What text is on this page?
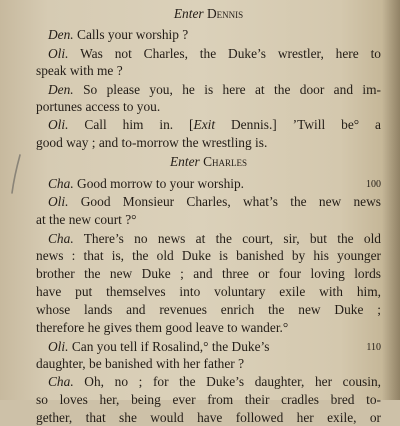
Enter Dennis
Den. Calls your worship ?
Oli. Was not Charles, the Duke’s wrestler, here to
speak with me ?
Den. So please you, he is here at the door and im-
portunes access to you.
Oli. Call him in. [Exit Dennis.] ’Twill be° a
good way ; and to-morrow the wrestling is.
Enter Charles
Cha. Good morrow to your worship.	100
Oli. Good Monsieur Charles, what’s the new news
at the new court ?°
Cha. There’s no news at the court, sir, but the old
news : that is, the old Duke is banished by his younger
brother the new Duke ; and three or four loving lords
have put themselves into voluntary exile with him,
whose lands and revenues enrich the new Duke ;
therefore he gives them good leave to wander.°
Oli. Can you tell if Rosalind,° the Duke’s	110
daughter, be banished with her father ?
Cha. Oh, no ; for the Duke’s daughter, her cousin,
so loves her, being ever from their cradles bred to-
gether, that she would have followed her exile, or
